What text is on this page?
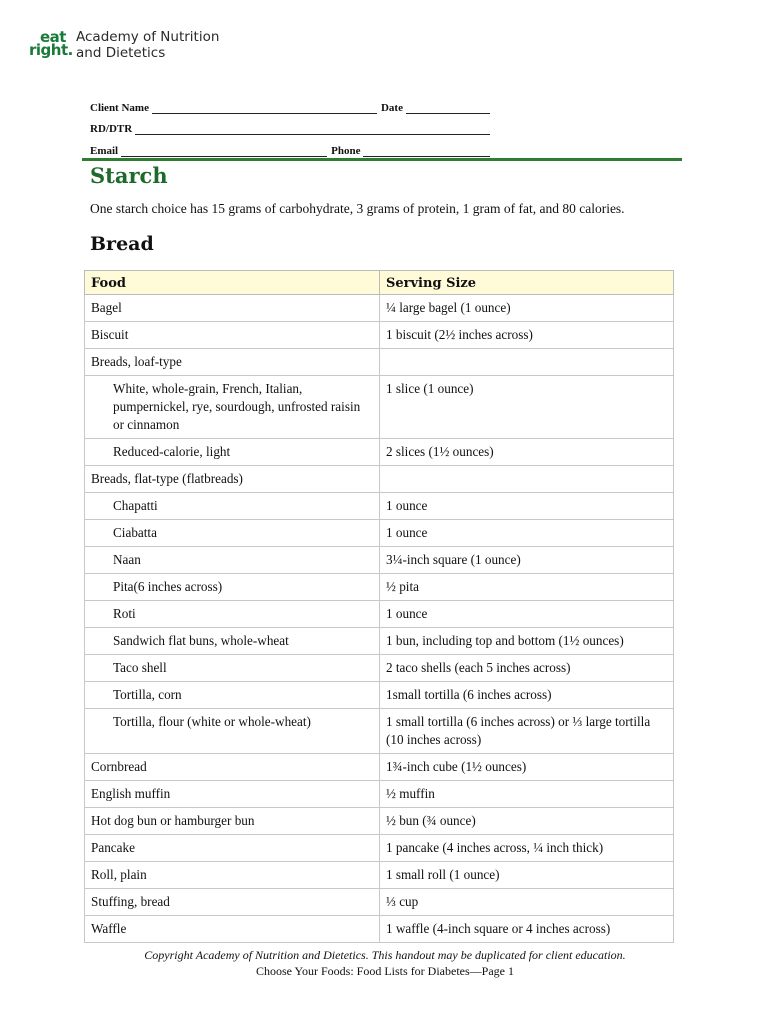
eat
right.
Academy of Nutrition
and Dietetics
Client Name	Date
RD/DTR
Email	Phone
Starch
One starch choice has 15 grams of carbohydrate, 3 grams of protein, 1 gram of fat, and 80 calories.
Bread
Food	Serving Size
Bagel	¼ large bagel (1 ounce)
Biscuit	1 biscuit (2½ inches across)
Breads, loaf-type	
White, whole-grain, French, Italian, pumpernickel, rye, sourdough, unfrosted raisin or cinnamon	1 slice (1 ounce)
Reduced-calorie, light	2 slices (1½ ounces)
Breads, flat-type (flatbreads)	
Chapatti	1 ounce
Ciabatta	1 ounce
Naan	3¼-inch square (1 ounce)
Pita(6 inches across)	½ pita
Roti	1 ounce
Sandwich flat buns, whole-wheat	1 bun, including top and bottom (1½ ounces)
Taco shell	2 taco shells (each 5 inches across)
Tortilla, corn	1small tortilla (6 inches across)
Tortilla, flour (white or whole-wheat)	1 small tortilla (6 inches across) or ⅓ large tortilla (10 inches across)
Cornbread	1¾-inch cube (1½ ounces)
English muffin	½ muffin
Hot dog bun or hamburger bun	½ bun (¾ ounce)
Pancake	1 pancake (4 inches across, ¼ inch thick)
Roll, plain	1 small roll (1 ounce)
Stuffing, bread	⅓ cup
Waffle	1 waffle (4-inch square or 4 inches across)
Copyright Academy of Nutrition and Dietetics. This handout may be duplicated for client education.
Choose Your Foods: Food Lists for Diabetes—Page 1
